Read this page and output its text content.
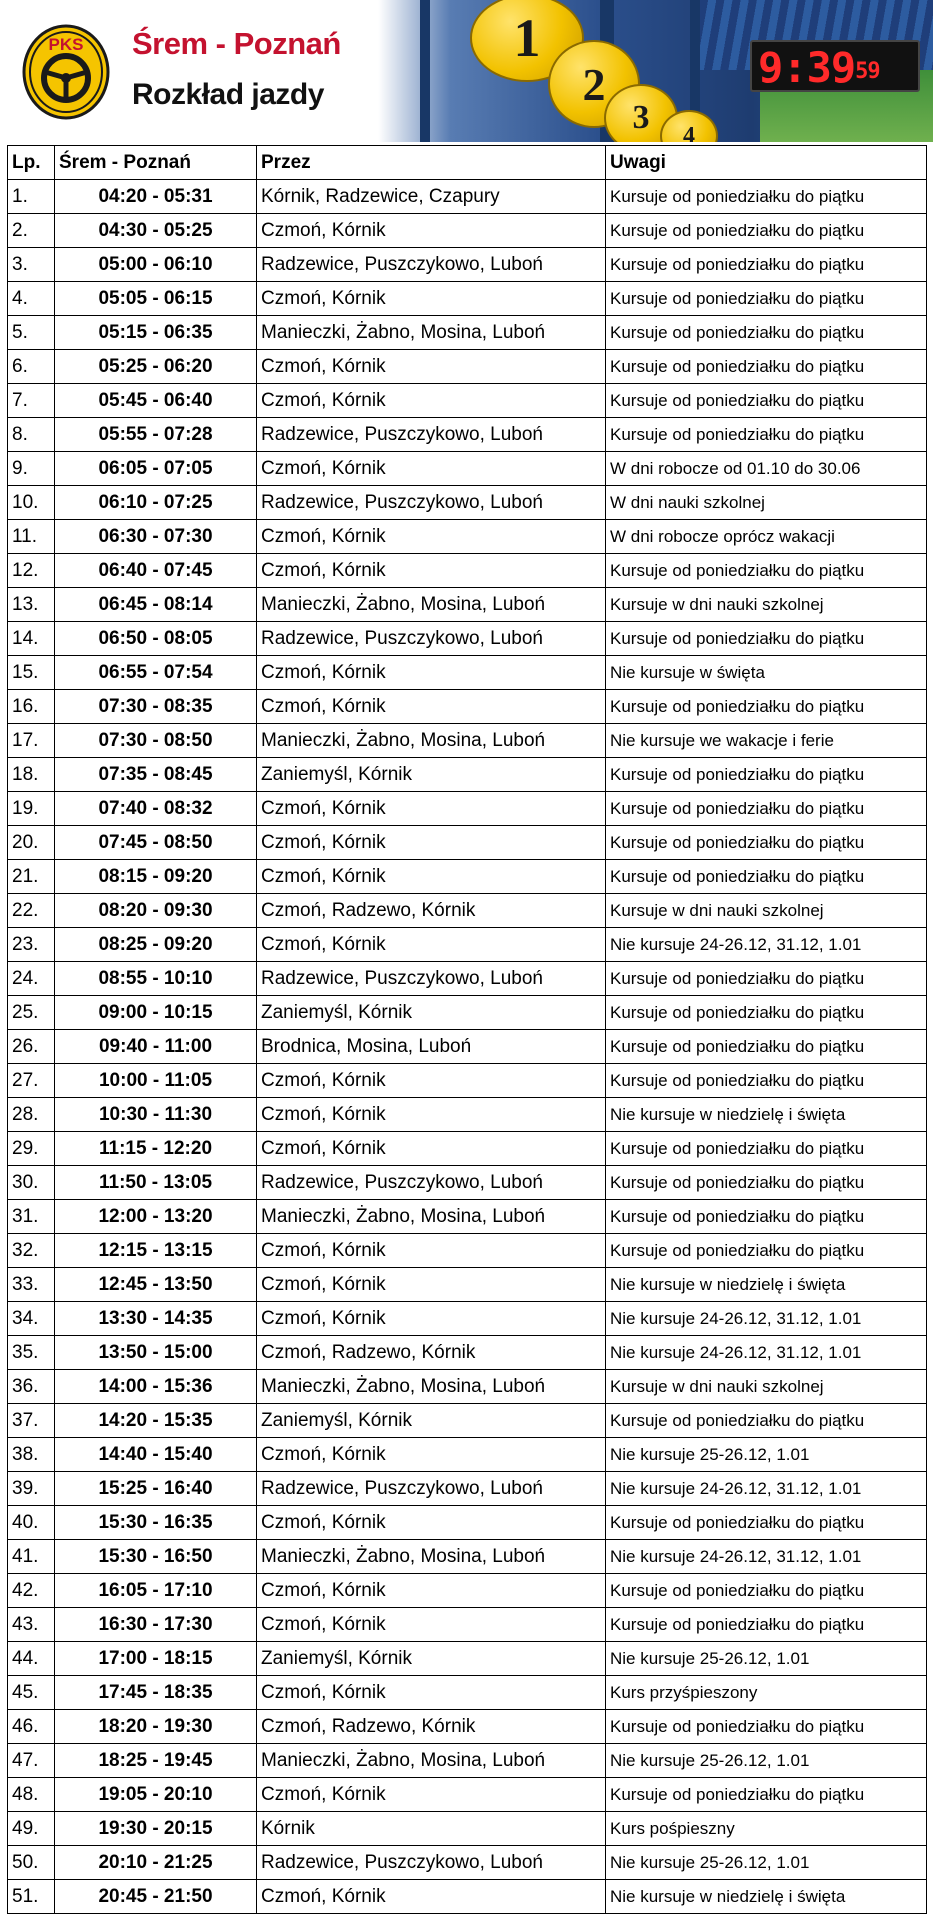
1
2
3	4
$9:39^{59}$
PKS Śrem - Poznań
Rozkład jazdy
Lp.	Śrem - Poznań	Przez	Uwagi
1.	04:20 - 05:31	Kórnik, Radzewice, Czapury	Kursuje od poniedziałku do piątku
2.	04:30 - 05:25	Czmoń, Kórnik	Kursuje od poniedziałku do piątku
3.	05:00 - 06:10	Radzewice, Puszczykowo, Luboń	Kursuje od poniedziałku do piątku
4.	05:05 - 06:15	Czmoń, Kórnik	Kursuje od poniedziałku do piątku
5.	05:15 - 06:35	Manieczki, Żabno, Mosina, Luboń	Kursuje od poniedziałku do piątku
6.	05:25 - 06:20	Czmoń, Kórnik	Kursuje od poniedziałku do piątku
7.	05:45 - 06:40	Czmoń, Kórnik	Kursuje od poniedziałku do piątku
8.	05:55 - 07:28	Radzewice, Puszczykowo, Luboń	Kursuje od poniedziałku do piątku
9.	06:05 - 07:05	Czmoń, Kórnik	W dni robocze od 01.10 do 30.06
10.	06:10 - 07:25	Radzewice, Puszczykowo, Luboń	W dni nauki szkolnej
11.	06:30 - 07:30	Czmoń, Kórnik	W dni robocze oprócz wakacji
12.	06:40 - 07:45	Czmoń, Kórnik	Kursuje od poniedziałku do piątku
13.	06:45 - 08:14	Manieczki, Żabno, Mosina, Luboń	Kursuje w dni nauki szkolnej
14.	06:50 - 08:05	Radzewice, Puszczykowo, Luboń	Kursuje od poniedziałku do piątku
15.	06:55 - 07:54	Czmoń, Kórnik	Nie kursuje w święta
16.	07:30 - 08:35	Czmoń, Kórnik	Kursuje od poniedziałku do piątku
17.	07:30 - 08:50	Manieczki, Żabno, Mosina, Luboń	Nie kursuje we wakacje i ferie
18.	07:35 - 08:45	Zaniemyśl, Kórnik	Kursuje od poniedziałku do piątku
19.	07:40 - 08:32	Czmoń, Kórnik	Kursuje od poniedziałku do piątku
20.	07:45 - 08:50	Czmoń, Kórnik	Kursuje od poniedziałku do piątku
21.	08:15 - 09:20	Czmoń, Kórnik	Kursuje od poniedziałku do piątku
22.	08:20 - 09:30	Czmoń, Radzewo, Kórnik	Kursuje w dni nauki szkolnej
23.	08:25 - 09:20	Czmoń, Kórnik	Nie kursuje 24-26.12, 31.12, 1.01
24.	08:55 - 10:10	Radzewice, Puszczykowo, Luboń	Kursuje od poniedziałku do piątku
25.	09:00 - 10:15	Zaniemyśl, Kórnik	Kursuje od poniedziałku do piątku
26.	09:40 - 11:00	Brodnica, Mosina, Luboń	Kursuje od poniedziałku do piątku
27.	10:00 - 11:05	Czmoń, Kórnik	Kursuje od poniedziałku do piątku
28.	10:30 - 11:30	Czmoń, Kórnik	Nie kursuje w niedzielę i święta
29.	11:15 - 12:20	Czmoń, Kórnik	Kursuje od poniedziałku do piątku
30.	11:50 - 13:05	Radzewice, Puszczykowo, Luboń	Kursuje od poniedziałku do piątku
31.	12:00 - 13:20	Manieczki, Żabno, Mosina, Luboń	Kursuje od poniedziałku do piątku
32.	12:15 - 13:15	Czmoń, Kórnik	Kursuje od poniedziałku do piątku
33.	12:45 - 13:50	Czmoń, Kórnik	Nie kursuje w niedzielę i święta
34.	13:30 - 14:35	Czmoń, Kórnik	Nie kursuje 24-26.12, 31.12, 1.01
35.	13:50 - 15:00	Czmoń, Radzewo, Kórnik	Nie kursuje 24-26.12, 31.12, 1.01
36.	14:00 - 15:36	Manieczki, Żabno, Mosina, Luboń	Kursuje w dni nauki szkolnej
37.	14:20 - 15:35	Zaniemyśl, Kórnik	Kursuje od poniedziałku do piątku
38.	14:40 - 15:40	Czmoń, Kórnik	Nie kursuje 25-26.12, 1.01
39.	15:25 - 16:40	Radzewice, Puszczykowo, Luboń	Nie kursuje 24-26.12, 31.12, 1.01
40.	15:30 - 16:35	Czmoń, Kórnik	Kursuje od poniedziałku do piątku
41.	15:30 - 16:50	Manieczki, Żabno, Mosina, Luboń	Nie kursuje 24-26.12, 31.12, 1.01
42.	16:05 - 17:10	Czmoń, Kórnik	Kursuje od poniedziałku do piątku
43.	16:30 - 17:30	Czmoń, Kórnik	Kursuje od poniedziałku do piątku
44.	17:00 - 18:15	Zaniemyśl, Kórnik	Nie kursuje 25-26.12, 1.01
45.	17:45 - 18:35	Czmoń, Kórnik	Kurs przyśpieszony
46.	18:20 - 19:30	Czmoń, Radzewo, Kórnik	Kursuje od poniedziałku do piątku
47.	18:25 - 19:45	Manieczki, Żabno, Mosina, Luboń	Nie kursuje 25-26.12, 1.01
48.	19:05 - 20:10	Czmoń, Kórnik	Kursuje od poniedziałku do piątku
49.	19:30 - 20:15	Kórnik	Kurs pośpieszny
50.	20:10 - 21:25	Radzewice, Puszczykowo, Luboń	Nie kursuje 25-26.12, 1.01
51.	20:45 - 21:50	Czmoń, Kórnik	Nie kursuje w niedzielę i święta
